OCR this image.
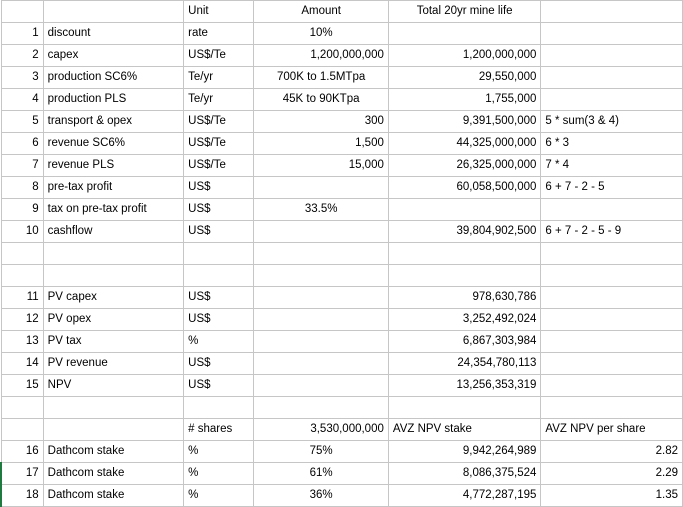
		Unit	Amount	Total 20yr mine life	
1	discount	rate	10%		
2	capex	US$/Te	1,200,000,000	1,200,000,000	
3	production SC6%	Te/yr	700K to 1.5MTpa	29,550,000	
4	production PLS	Te/yr	45K to 90KTpa	1,755,000	
5	transport & opex	US$/Te	300	9,391,500,000	5 * sum(3 & 4)
6	revenue SC6%	US$/Te	1,500	44,325,000,000	6 * 3
7	revenue PLS	US$/Te	15,000	26,325,000,000	7 * 4
8	pre-tax profit	US$		60,058,500,000	6 + 7 - 2 - 5
9	tax on pre-tax profit	US$	33.5%		
10	cashflow	US$		39,804,902,500	6 + 7 - 2 - 5 - 9

11	PV capex	US$		978,630,786	
12	PV opex	US$		3,252,492,024	
13	PV tax	%		6,867,303,984	
14	PV revenue	US$		24,354,780,113	
15	NPV	US$		13,256,353,319	

		# shares	3,530,000,000	AVZ NPV stake	AVZ NPV per share
16	Dathcom stake	%	75%	9,942,264,989	2.82
17	Dathcom stake	%	61%	8,086,375,524	2.29
18	Dathcom stake	%	36%	4,772,287,195	1.35
